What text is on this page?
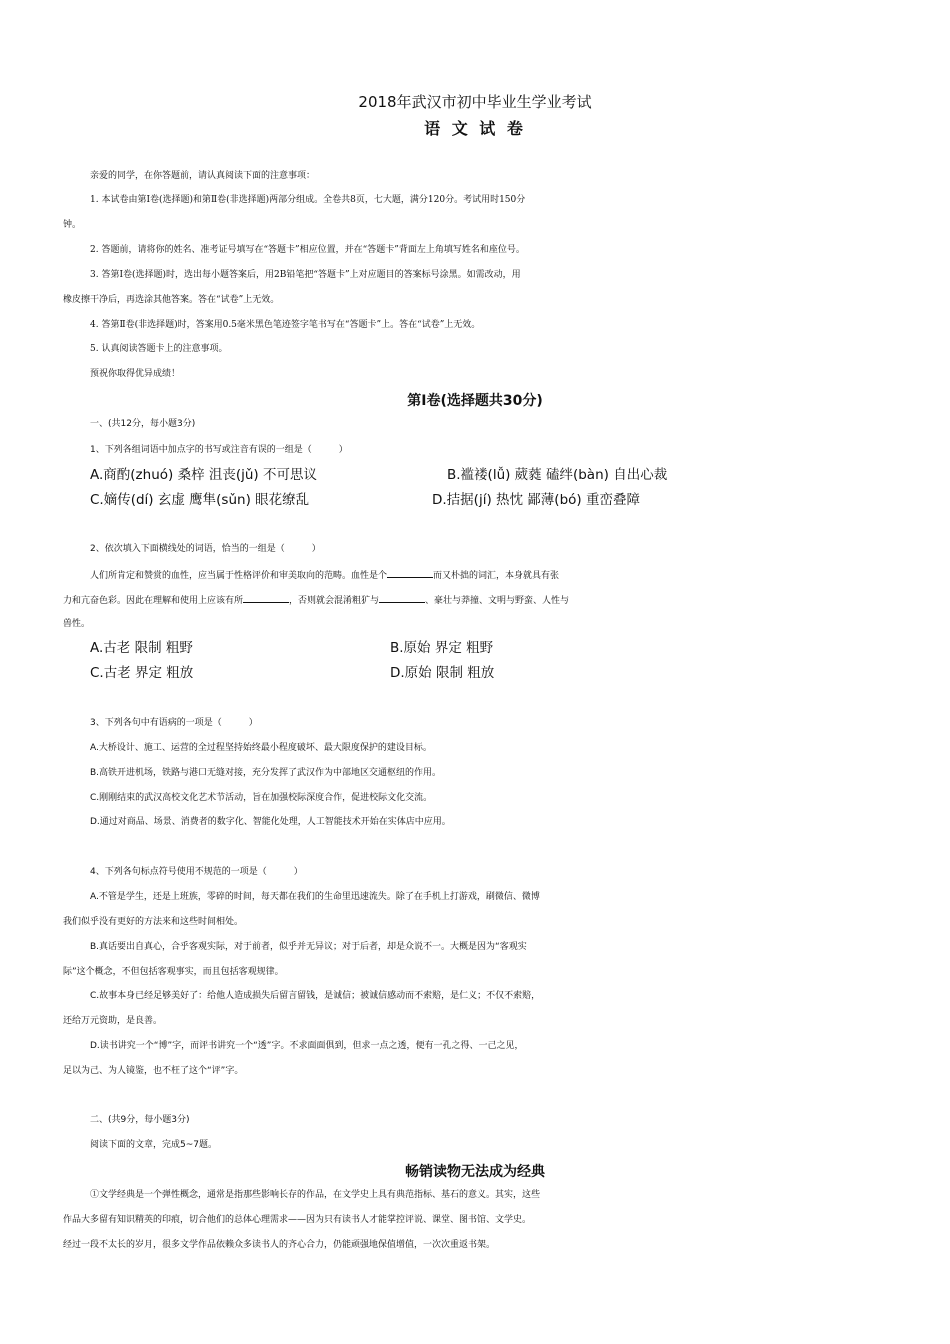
2018年武汉市初中毕业生学业考试
语 文 试 卷
亲爱的同学，在你答题前，请认真阅读下面的注意事项：
1. 本试卷由第Ⅰ卷(选择题)和第Ⅱ卷(非选择题)两部分组成。全卷共8页，七大题，满分120分。考试用时150分
钟。
2. 答题前，请将你的姓名、准考证号填写在“答题卡”相应位置，并在“答题卡”背面左上角填写姓名和座位号。
3. 答第Ⅰ卷(选择题)时，选出每小题答案后，用2B铅笔把“答题卡”上对应题目的答案标号涂黑。如需改动，用
橡皮擦干净后，再选涂其他答案。答在“试卷”上无效。
4. 答第Ⅱ卷(非选择题)时，答案用0.5毫米黑色笔迹签字笔书写在“答题卡”上。答在“试卷”上无效。
5. 认真阅读答题卡上的注意事项。
预祝你取得优异成绩！
第Ⅰ卷(选择题共30分)
一、(共12分，每小题3分)
1、下列各组词语中加点字的书写或注音有误的一组是（　　　）
A.商酌(zhuó) 桑梓 沮丧(jǔ) 不可思议	B.褴褛(lǚ) 葳蕤 磕绊(bàn) 自出心裁
C.嫡传(dí) 玄虚 鹰隼(sǔn) 眼花缭乱	D.拮据(jí) 热忱 鄙薄(bó) 重峦叠障
2、依次填入下面横线处的词语，恰当的一组是（　　　）
人们所肯定和赞赏的血性，应当属于性格评价和审美取向的范畴。血性是个	而又朴拙的词汇，本身就具有张
力和亢奋色彩。因此在理解和使用上应该有所	，否则就会混淆粗犷与	、豪壮与莽撞、文明与野蛮、人性与
兽性。
A.古老 限制 粗野	B.原始 界定 粗野
C.古老 界定 粗放	D.原始 限制 粗放
3、下列各句中有语病的一项是（　　　）
A.大桥设计、施工、运营的全过程坚持始终最小程度破坏、最大限度保护的建设目标。
B.高铁开进机场，铁路与港口无缝对接，充分发挥了武汉作为中部地区交通枢纽的作用。
C.刚刚结束的武汉高校文化艺术节活动，旨在加强校际深度合作，促进校际文化交流。
D.通过对商品、场景、消费者的数字化、智能化处理，人工智能技术开始在实体店中应用。
4、下列各句标点符号使用不规范的一项是（　　　）
A.不管是学生，还是上班族，零碎的时间，每天都在我们的生命里迅速流失。除了在手机上打游戏，刷微信、微博
我们似乎没有更好的方法来和这些时间相处。
B.真话要出自真心，合乎客观实际，对于前者，似乎并无异议；对于后者，却是众说不一。大概是因为“客观实
际”这个概念，不但包括客观事实，而且包括客观规律。
C.故事本身已经足够美好了：给他人造成损失后留言留钱，是诚信；被诚信感动而不索赔，是仁义；不仅不索赔，
还给万元资助，是良善。
D.读书讲究一个“博”字，而评书讲究一个“透”字。不求面面俱到，但求一点之透，便有一孔之得、一己之见，
足以为己、为人镜鉴，也不枉了这个“评”字。
二、(共9分，每小题3分)
阅读下面的文章，完成5~7题。
畅销读物无法成为经典
①文学经典是一个弹性概念，通常是指那些影响长存的作品，在文学史上具有典范指标、基石的意义。其实，这些
作品大多留有知识精英的印痕，切合他们的总体心理需求——因为只有读书人才能掌控评说、课堂、图书馆、文学史。
经过一段不太长的岁月，很多文学作品依赖众多读书人的齐心合力，仍能顽强地保值增值，一次次重返书架。
